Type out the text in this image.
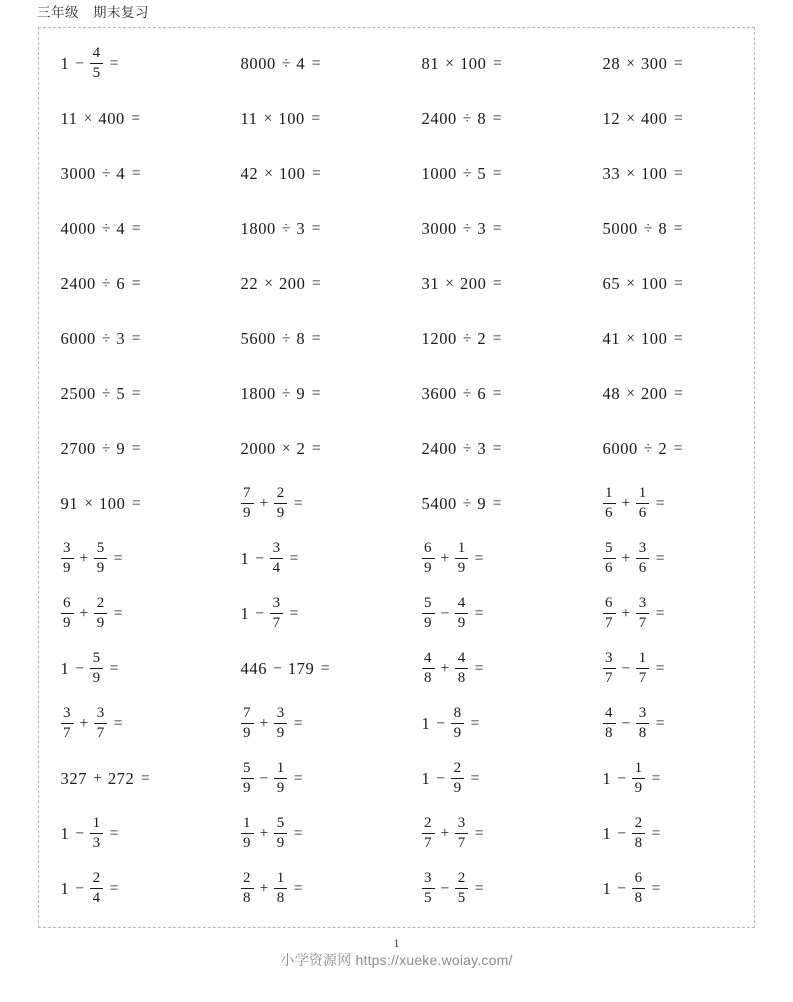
三年级　期末复习
$1 - \frac{4}{5}$ =	8000 ÷ 4 =	81 × 100 =	28 × 300 =
11 × 400 =	11 × 100 =	2400 ÷ 8 =	12 × 400 =
3000 ÷ 4 =	42 × 100 =	1000 ÷ 5 =	33 × 100 =
4000 ÷ 4 =	1800 ÷ 3 =	3000 ÷ 3 =	5000 ÷ 8 =
2400 ÷ 6 =	22 × 200 =	31 × 200 =	65 × 100 =
6000 ÷ 3 =	5600 ÷ 8 =	1200 ÷ 2 =	41 × 100 =
2500 ÷ 5 =	1800 ÷ 9 =	3600 ÷ 6 =	48 × 200 =
2700 ÷ 9 =	2000 × 2 =	2400 ÷ 3 =	6000 ÷ 2 =
91 × 100 =	$\frac{7}{9} + \frac{2}{9}$ =	5400 ÷ 9 =	$\frac{1}{6} + \frac{1}{6}$ =
$\frac{3}{9} + \frac{5}{9}$ =	$1 - \frac{3}{4}$ =	$\frac{6}{9} + \frac{1}{9}$ =	$\frac{5}{6} + \frac{3}{6}$ =
$\frac{6}{9} + \frac{2}{9}$ =	$1 - \frac{3}{7}$ =	$\frac{5}{9} - \frac{4}{9}$ =	$\frac{6}{7} + \frac{3}{7}$ =
$1 - \frac{5}{9}$ =	446 − 179 =	$\frac{4}{8} + \frac{4}{8}$ =	$\frac{3}{7} - \frac{1}{7}$ =
$\frac{3}{7} + \frac{3}{7}$ =	$\frac{7}{9} + \frac{3}{9}$ =	$1 - \frac{8}{9}$ =	$\frac{4}{8} - \frac{3}{8}$ =
327 + 272 =	$\frac{5}{9} - \frac{1}{9}$ =	$1 - \frac{2}{9}$ =	$1 - \frac{1}{9}$ =
$1 - \frac{1}{3}$ =	$\frac{1}{9} + \frac{5}{9}$ =	$\frac{2}{7} + \frac{3}{7}$ =	$1 - \frac{2}{8}$ =
$1 - \frac{2}{4}$ =	$\frac{2}{8} + \frac{1}{8}$ =	$\frac{3}{5} - \frac{2}{5}$ =	$1 - \frac{6}{8}$ =
1
小学资源网 https://xueke.woiay.com/
